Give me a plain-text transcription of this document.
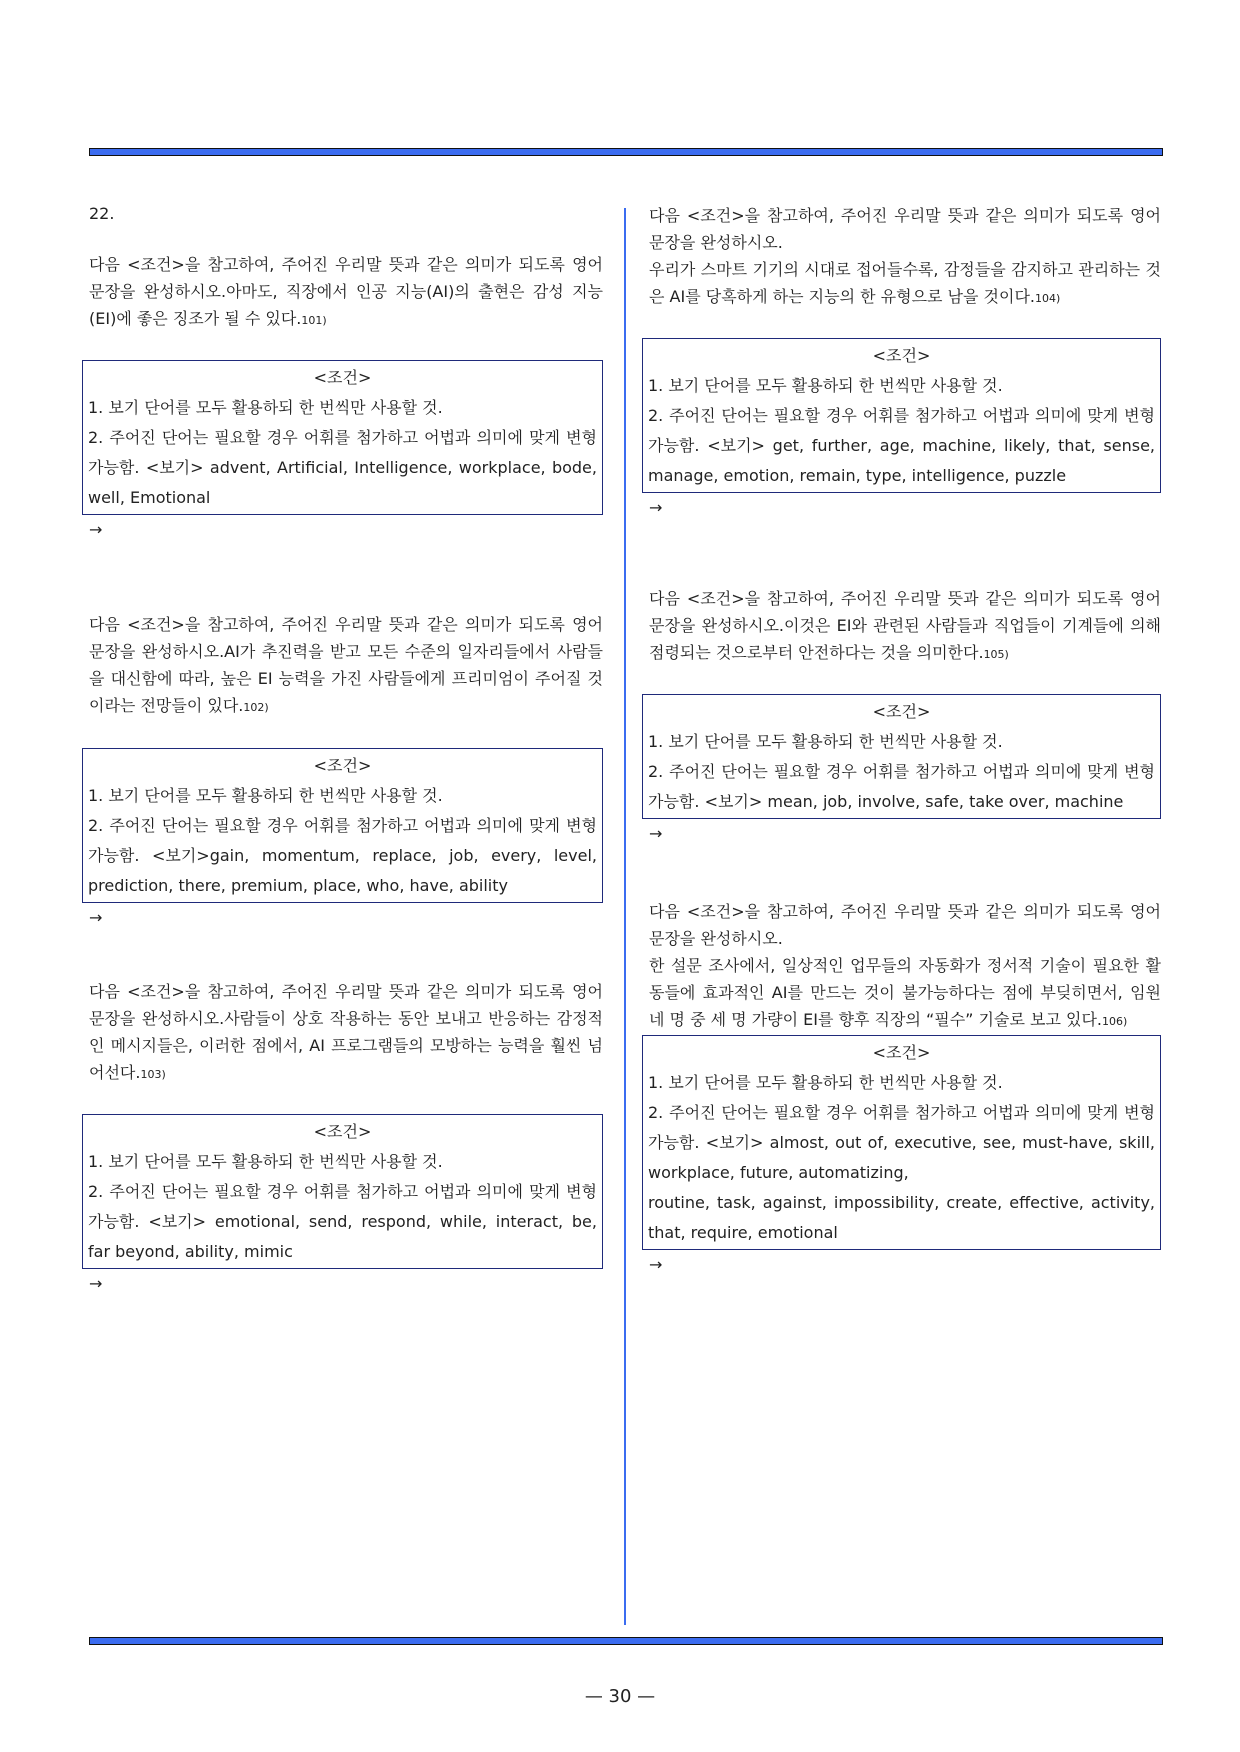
22.

다음 <조건>을 참고하여, 주어진 우리말 뜻과 같은 의미가 되도록 영어 문장을 완성하시오.아마도, 직장에서 인공 지능(AI)의 출현은 감성 지능(EI)에 좋은 징조가 될 수 있다.101)

<조건>
1. 보기 단어를 모두 활용하되 한 번씩만 사용할 것.
2. 주어진 단어는 필요할 경우 어휘를 첨가하고 어법과 의미에 맞게 변형 가능함. <보기> advent, Artificial, Intelligence, workplace, bode, well, Emotional
→

다음 <조건>을 참고하여, 주어진 우리말 뜻과 같은 의미가 되도록 영어 문장을 완성하시오.AI가 추진력을 받고 모든 수준의 일자리들에서 사람들을 대신함에 따라, 높은 EI 능력을 가진 사람들에게 프리미엄이 주어질 것이라는 전망들이 있다.102)

<조건>
1. 보기 단어를 모두 활용하되 한 번씩만 사용할 것.
2. 주어진 단어는 필요할 경우 어휘를 첨가하고 어법과 의미에 맞게 변형 가능함. <보기>gain, momentum, replace, job, every, level, prediction, there, premium, place, who, have, ability
→

다음 <조건>을 참고하여, 주어진 우리말 뜻과 같은 의미가 되도록 영어 문장을 완성하시오.사람들이 상호 작용하는 동안 보내고 반응하는 감정적인 메시지들은, 이러한 점에서, AI 프로그램들의 모방하는 능력을 훨씬 넘어선다.103)

<조건>
1. 보기 단어를 모두 활용하되 한 번씩만 사용할 것.
2. 주어진 단어는 필요할 경우 어휘를 첨가하고 어법과 의미에 맞게 변형 가능함. <보기> emotional, send, respond, while, interact, be, far beyond, ability, mimic
→

다음 <조건>을 참고하여, 주어진 우리말 뜻과 같은 의미가 되도록 영어 문장을 완성하시오.
우리가 스마트 기기의 시대로 접어들수록, 감정들을 감지하고 관리하는 것은 AI를 당혹하게 하는 지능의 한 유형으로 남을 것이다.104)

<조건>
1. 보기 단어를 모두 활용하되 한 번씩만 사용할 것.
2. 주어진 단어는 필요할 경우 어휘를 첨가하고 어법과 의미에 맞게 변형 가능함. <보기> get, further, age, machine, likely, that, sense, manage, emotion, remain, type, intelligence, puzzle
→

다음 <조건>을 참고하여, 주어진 우리말 뜻과 같은 의미가 되도록 영어 문장을 완성하시오.이것은 EI와 관련된 사람들과 직업들이 기계들에 의해 점령되는 것으로부터 안전하다는 것을 의미한다.105)

<조건>
1. 보기 단어를 모두 활용하되 한 번씩만 사용할 것.
2. 주어진 단어는 필요할 경우 어휘를 첨가하고 어법과 의미에 맞게 변형 가능함. <보기> mean, job, involve, safe, take over, machine
→

다음 <조건>을 참고하여, 주어진 우리말 뜻과 같은 의미가 되도록 영어 문장을 완성하시오.
한 설문 조사에서, 일상적인 업무들의 자동화가 정서적 기술이 필요한 활동들에 효과적인 AI를 만드는 것이 불가능하다는 점에 부딪히면서, 임원 네 명 중 세 명 가량이 EI를 향후 직장의 “필수” 기술로 보고 있다.106)

<조건>
1. 보기 단어를 모두 활용하되 한 번씩만 사용할 것.
2. 주어진 단어는 필요할 경우 어휘를 첨가하고 어법과 의미에 맞게 변형 가능함. <보기> almost, out of, executive, see, must-have, skill, workplace, future, automatizing,
routine, task, against, impossibility, create, effective, activity, that, require, emotional
→
— 30 —
